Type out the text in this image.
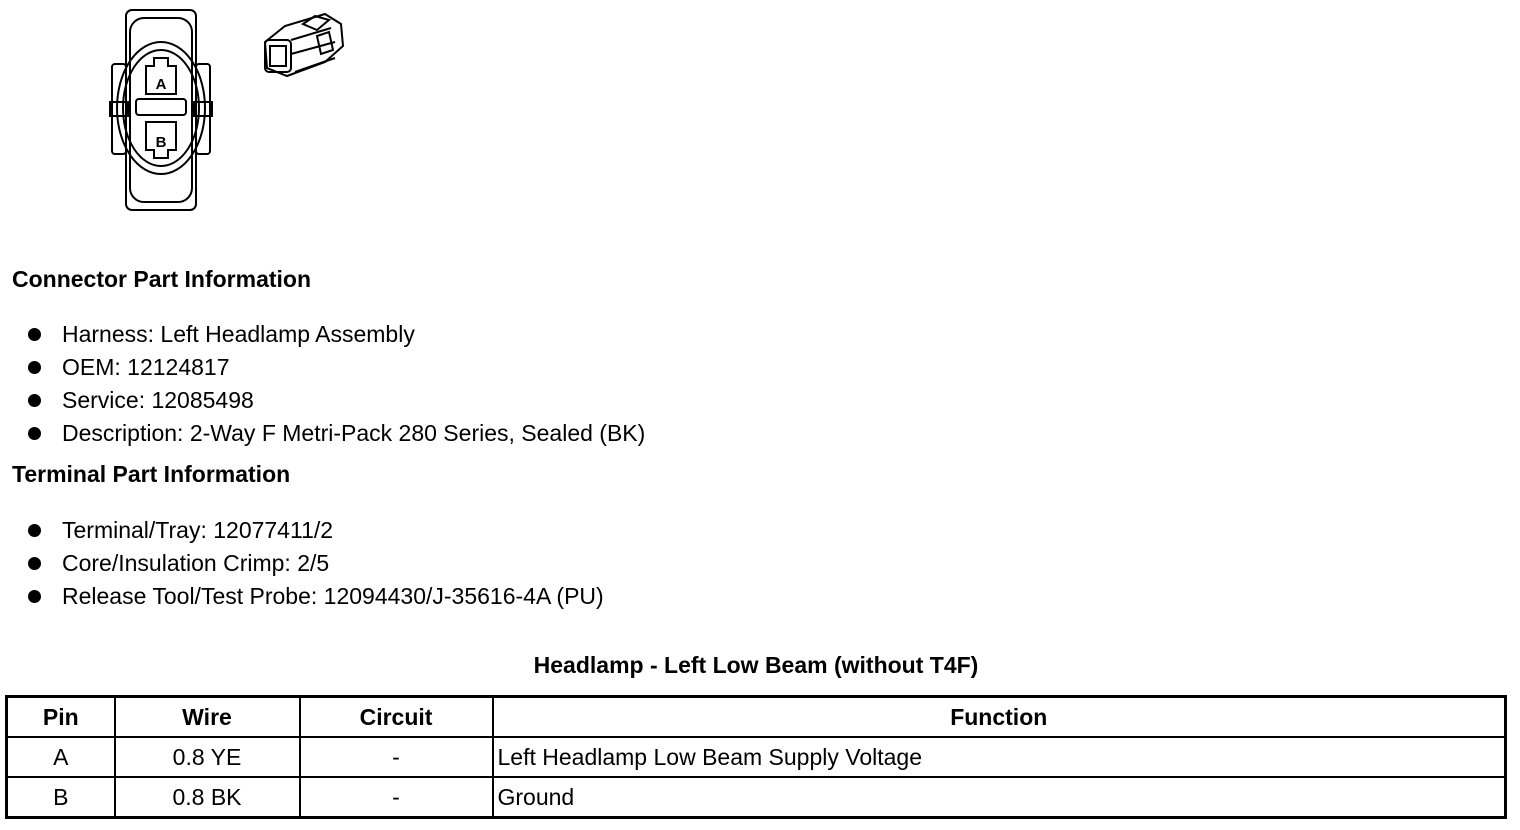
A
B
Connector Part Information
Harness: Left Headlamp Assembly
OEM: 12124817
Service: 12085498
Description: 2-Way F Metri-Pack 280 Series, Sealed (BK)
Terminal Part Information
Terminal/Tray: 12077411/2
Core/Insulation Crimp: 2/5
Release Tool/Test Probe: 12094430/J-35616-4A (PU)
Headlamp - Left Low Beam (without T4F)
Pin	Wire	Circuit	Function
A	0.8 YE	-	Left Headlamp Low Beam Supply Voltage
B	0.8 BK	-	Ground
